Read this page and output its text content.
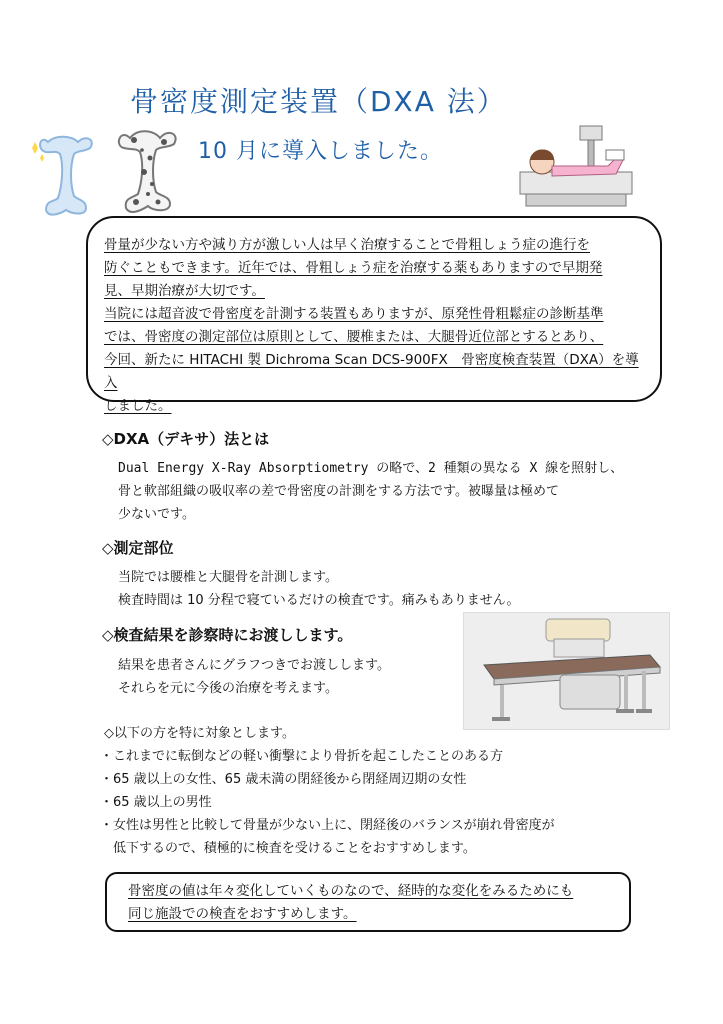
骨密度測定装置（DXA 法）
10 月に導入しました。

骨量が少ない方や減り方が激しい人は早く治療することで骨粗しょう症の進行を

防ぐこともできます。近年では、骨粗しょう症を治療する薬もありますので早期発

見、早期治療が大切です。

当院には超音波で骨密度を計測する装置もありますが、原発性骨粗鬆症の診断基準

では、骨密度の測定部位は原則として、腰椎または、大腿骨近位部とするとあり、

今回、新たに HITACHI 製 Dichroma Scan DCS-900FX　骨密度検査装置（DXA）を導入

しました。

◇DXA（デキサ）法とは

Dual Energy X-Ray Absorptiometry の略で、2 種類の異なる X 線を照射し、

骨と軟部組織の吸収率の差で骨密度の計測をする方法です。被曝量は極めて

少ないです。

◇測定部位

当院では腰椎と大腿骨を計測します。

検査時間は 10 分程で寝ているだけの検査です。痛みもありません。

◇検査結果を診察時にお渡しします。

結果を患者さんにグラフつきでお渡しします。

それらを元に今後の治療を考えます。

◇以下の方を特に対象とします。

・これまでに転倒などの軽い衝撃により骨折を起こしたことのある方

・65 歳以上の女性、65 歳未満の閉経後から閉経周辺期の女性

・65 歳以上の男性

・女性は男性と比較して骨量が少ない上に、閉経後のバランスが崩れ骨密度が

　低下するので、積極的に検査を受けることをおすすめします。

骨密度の値は年々変化していくものなので、経時的な変化をみるためにも

同じ施設での検査をおすすめします。
